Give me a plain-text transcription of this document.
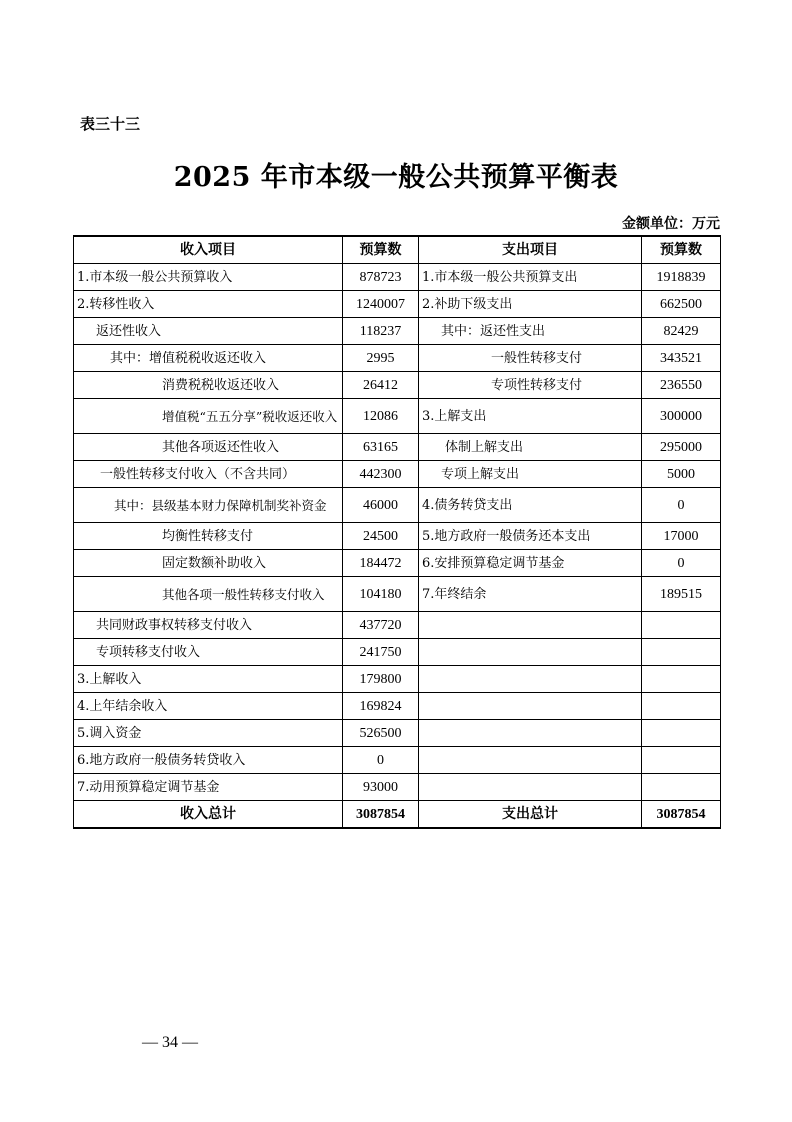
表三十三
2025 年市本级一般公共预算平衡表
金额单位：万元
收入项目	预算数	支出项目	预算数
1.市本级一般公共预算收入	878723	1.市本级一般公共预算支出	1918839
2.转移性收入	1240007	2.补助下级支出	662500
返还性收入	118237	其中：返还性支出	82429
其中：增值税税收返还收入	2995	一般性转移支付	343521
消费税税收返还收入	26412	专项性转移支付	236550
增值税“五五分享”税收返还收入	12086	3.上解支出	300000
其他各项返还性收入	63165	体制上解支出	295000
一般性转移支付收入（不含共同）	442300	专项上解支出	5000
其中：县级基本财力保障机制奖补资金	46000	4.债务转贷支出	0
均衡性转移支付	24500	5.地方政府一般债务还本支出	17000
固定数额补助收入	184472	6.安排预算稳定调节基金	0
其他各项一般性转移支付收入	104180	7.年终结余	189515
共同财政事权转移支付收入	437720		
专项转移支付收入	241750		
3.上解收入	179800		
4.上年结余收入	169824		
5.调入资金	526500		
6.地方政府一般债务转贷收入	0		
7.动用预算稳定调节基金	93000		
收入总计	3087854	支出总计	3087854
— 34 —
